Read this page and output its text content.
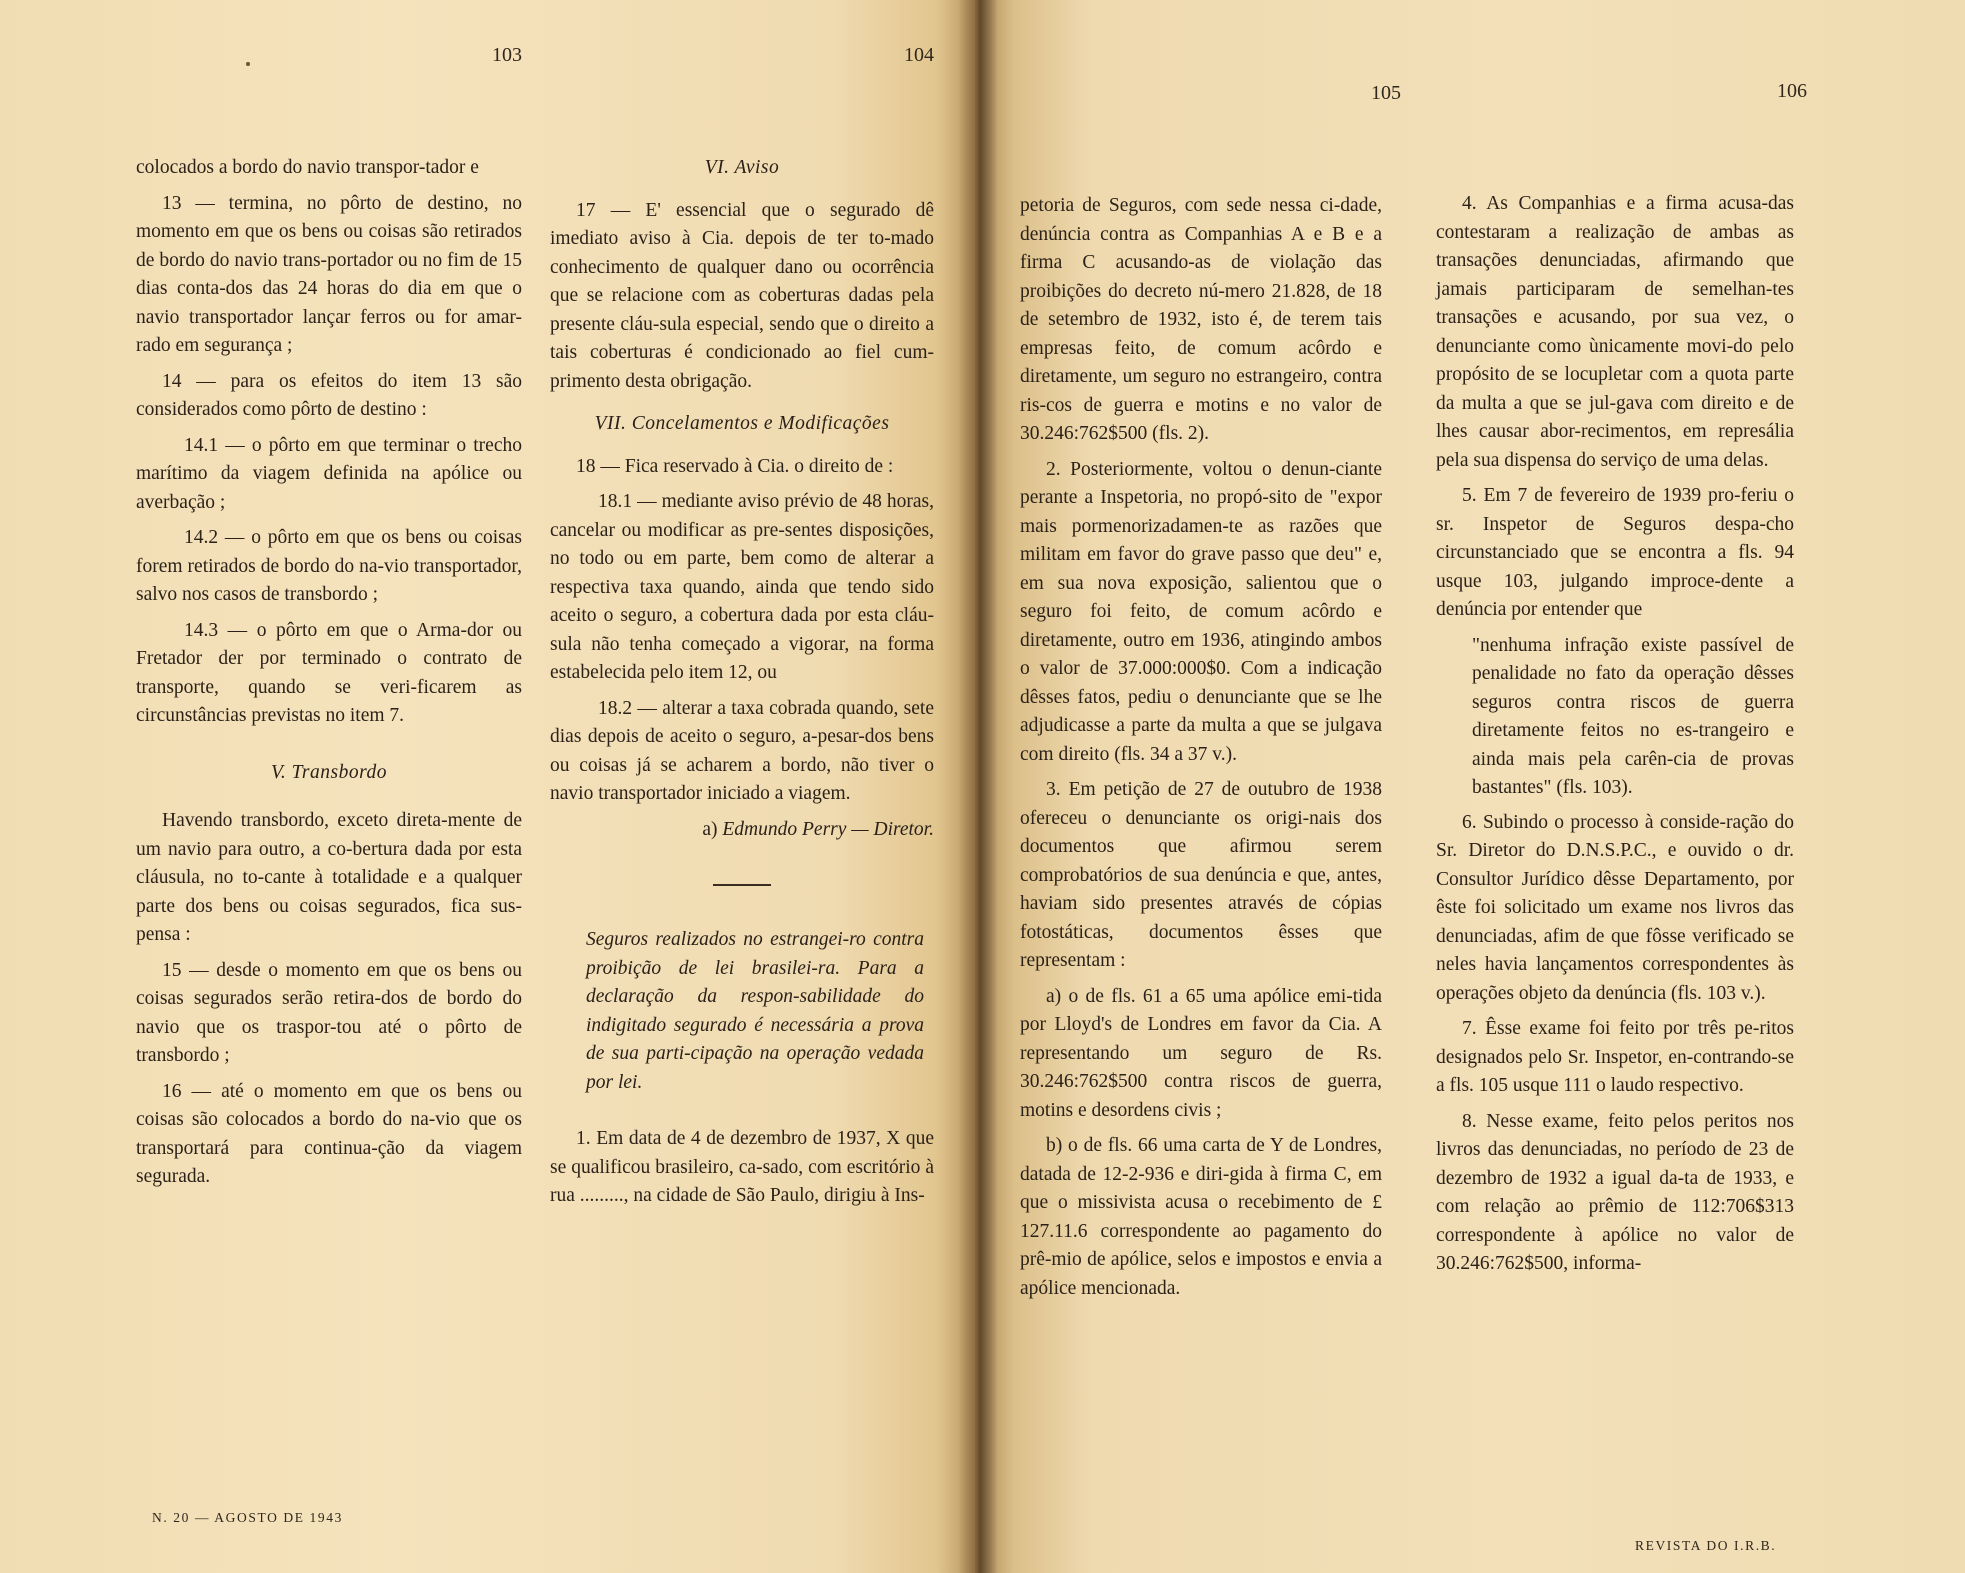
103	104

colocados a bordo do navio transpor-tador e

13 — termina, no pôrto de destino, no momento em que os bens ou coisas são retirados de bordo do navio trans-portador ou no fim de 15 dias conta-dos das 24 horas do dia em que o navio transportador lançar ferros ou for amar-rado em segurança ;

14 — para os efeitos do item 13 são considerados como pôrto de destino :

14.1 — o pôrto em que terminar o trecho marítimo da viagem definida na apólice ou averbação ;

14.2 — o pôrto em que os bens ou coisas forem retirados de bordo do na-vio transportador, salvo nos casos de transbordo ;

14.3 — o pôrto em que o Arma-dor ou Fretador der por terminado o contrato de transporte, quando se veri-ficarem as circunstâncias previstas no item 7.

V. Transbordo

Havendo transbordo, exceto direta-mente de um navio para outro, a co-bertura dada por esta cláusula, no to-cante à totalidade e a qualquer parte dos bens ou coisas segurados, fica sus-pensa :

15 — desde o momento em que os bens ou coisas segurados serão retira-dos de bordo do navio que os traspor-tou até o pôrto de transbordo ;

16 — até o momento em que os bens ou coisas são colocados a bordo do na-vio que os transportará para continua-ção da viagem segurada.

VI. Aviso

17 — E' essencial que o segurado dê imediato aviso à Cia. depois de ter to-mado conhecimento de qualquer dano ou ocorrência que se relacione com as coberturas dadas pela presente cláu-sula especial, sendo que o direito a tais coberturas é condicionado ao fiel cum-primento desta obrigação.

VII. Concelamentos e Modificações

18 — Fica reservado à Cia. o direito de :

18.1 — mediante aviso prévio de 48 horas, cancelar ou modificar as pre-sentes disposições, no todo ou em parte, bem como de alterar a respectiva taxa quando, ainda que tendo sido aceito o seguro, a cobertura dada por esta cláu-sula não tenha começado a vigorar, na forma estabelecida pelo item 12, ou

18.2 — alterar a taxa cobrada quando, sete dias depois de aceito o seguro, a-pesar-dos bens ou coisas já se acharem a bordo, não tiver o navio transportador iniciado a viagem.

a) Edmundo Perry — Diretor.

Seguros realizados no estrangei-ro contra proibição de lei brasilei-ra. Para a declaração da respon-sabilidade do indigitado segurado é necessária a prova de sua parti-cipação na operação vedada por lei.

1. Em data de 4 de dezembro de 1937, X que se qualificou brasileiro, ca-sado, com escritório à rua ........., na cidade de São Paulo, dirigiu à Ins-

N. 20 — AGOSTO DE 1943
105	106

petoria de Seguros, com sede nessa ci-dade, denúncia contra as Companhias A e B e a firma C acusando-as de violação das proibições do decreto nú-mero 21.828, de 18 de setembro de 1932, isto é, de terem tais empresas feito, de comum acôrdo e diretamente, um seguro no estrangeiro, contra ris-cos de guerra e motins e no valor de 30.246:762$500 (fls. 2).

2. Posteriormente, voltou o denun-ciante perante a Inspetoria, no propó-sito de "expor mais pormenorizadamen-te as razões que militam em favor do grave passo que deu" e, em sua nova exposição, salientou que o seguro foi feito, de comum acôrdo e diretamente, outro em 1936, atingindo ambos o valor de 37.000:000$0. Com a indicação dêsses fatos, pediu o denunciante que se lhe adjudicasse a parte da multa a que se julgava com direito (fls. 34 a 37 v.).

3. Em petição de 27 de outubro de 1938 ofereceu o denunciante os origi-nais dos documentos que afirmou serem comprobatórios de sua denúncia e que, antes, haviam sido presentes através de cópias fotostáticas, documentos êsses que representam :

a) o de fls. 61 a 65 uma apólice emi-tida por Lloyd's de Londres em favor da Cia. A representando um seguro de Rs. 30.246:762$500 contra riscos de guerra, motins e desordens civis ;

b) o de fls. 66 uma carta de Y de Londres, datada de 12-2-936 e diri-gida à firma C, em que o missivista acusa o recebimento de £ 127.11.6 correspondente ao pagamento do prê-mio de apólice, selos e impostos e envia a apólice mencionada.

4. As Companhias e a firma acusa-das contestaram a realização de ambas as transações denunciadas, afirmando que jamais participaram de semelhan-tes transações e acusando, por sua vez, o denunciante como ùnicamente movi-do pelo propósito de se locupletar com a quota parte da multa a que se jul-gava com direito e de lhes causar abor-recimentos, em represália pela sua dispensa do serviço de uma delas.

5. Em 7 de fevereiro de 1939 pro-feriu o sr. Inspetor de Seguros despa-cho circunstanciado que se encontra a fls. 94 usque 103, julgando improce-dente a denúncia por entender que

"nenhuma infração existe passível de penalidade no fato da operação dêsses seguros contra riscos de guerra diretamente feitos no es-trangeiro e ainda mais pela carên-cia de provas bastantes" (fls. 103).

6. Subindo o processo à conside-ração do Sr. Diretor do D.N.S.P.C., e ouvido o dr. Consultor Jurídico dêsse Departamento, por êste foi solicitado um exame nos livros das denunciadas, afim de que fôsse verificado se neles havia lançamentos correspondentes às operações objeto da denúncia (fls. 103 v.).

7. Êsse exame foi feito por três pe-ritos designados pelo Sr. Inspetor, en-contrando-se a fls. 105 usque 111 o laudo respectivo.

8. Nesse exame, feito pelos peritos nos livros das denunciadas, no período de 23 de dezembro de 1932 a igual da-ta de 1933, e com relação ao prêmio de 112:706$313 correspondente à apólice no valor de 30.246:762$500, informa-

REVISTA DO I.R.B.
